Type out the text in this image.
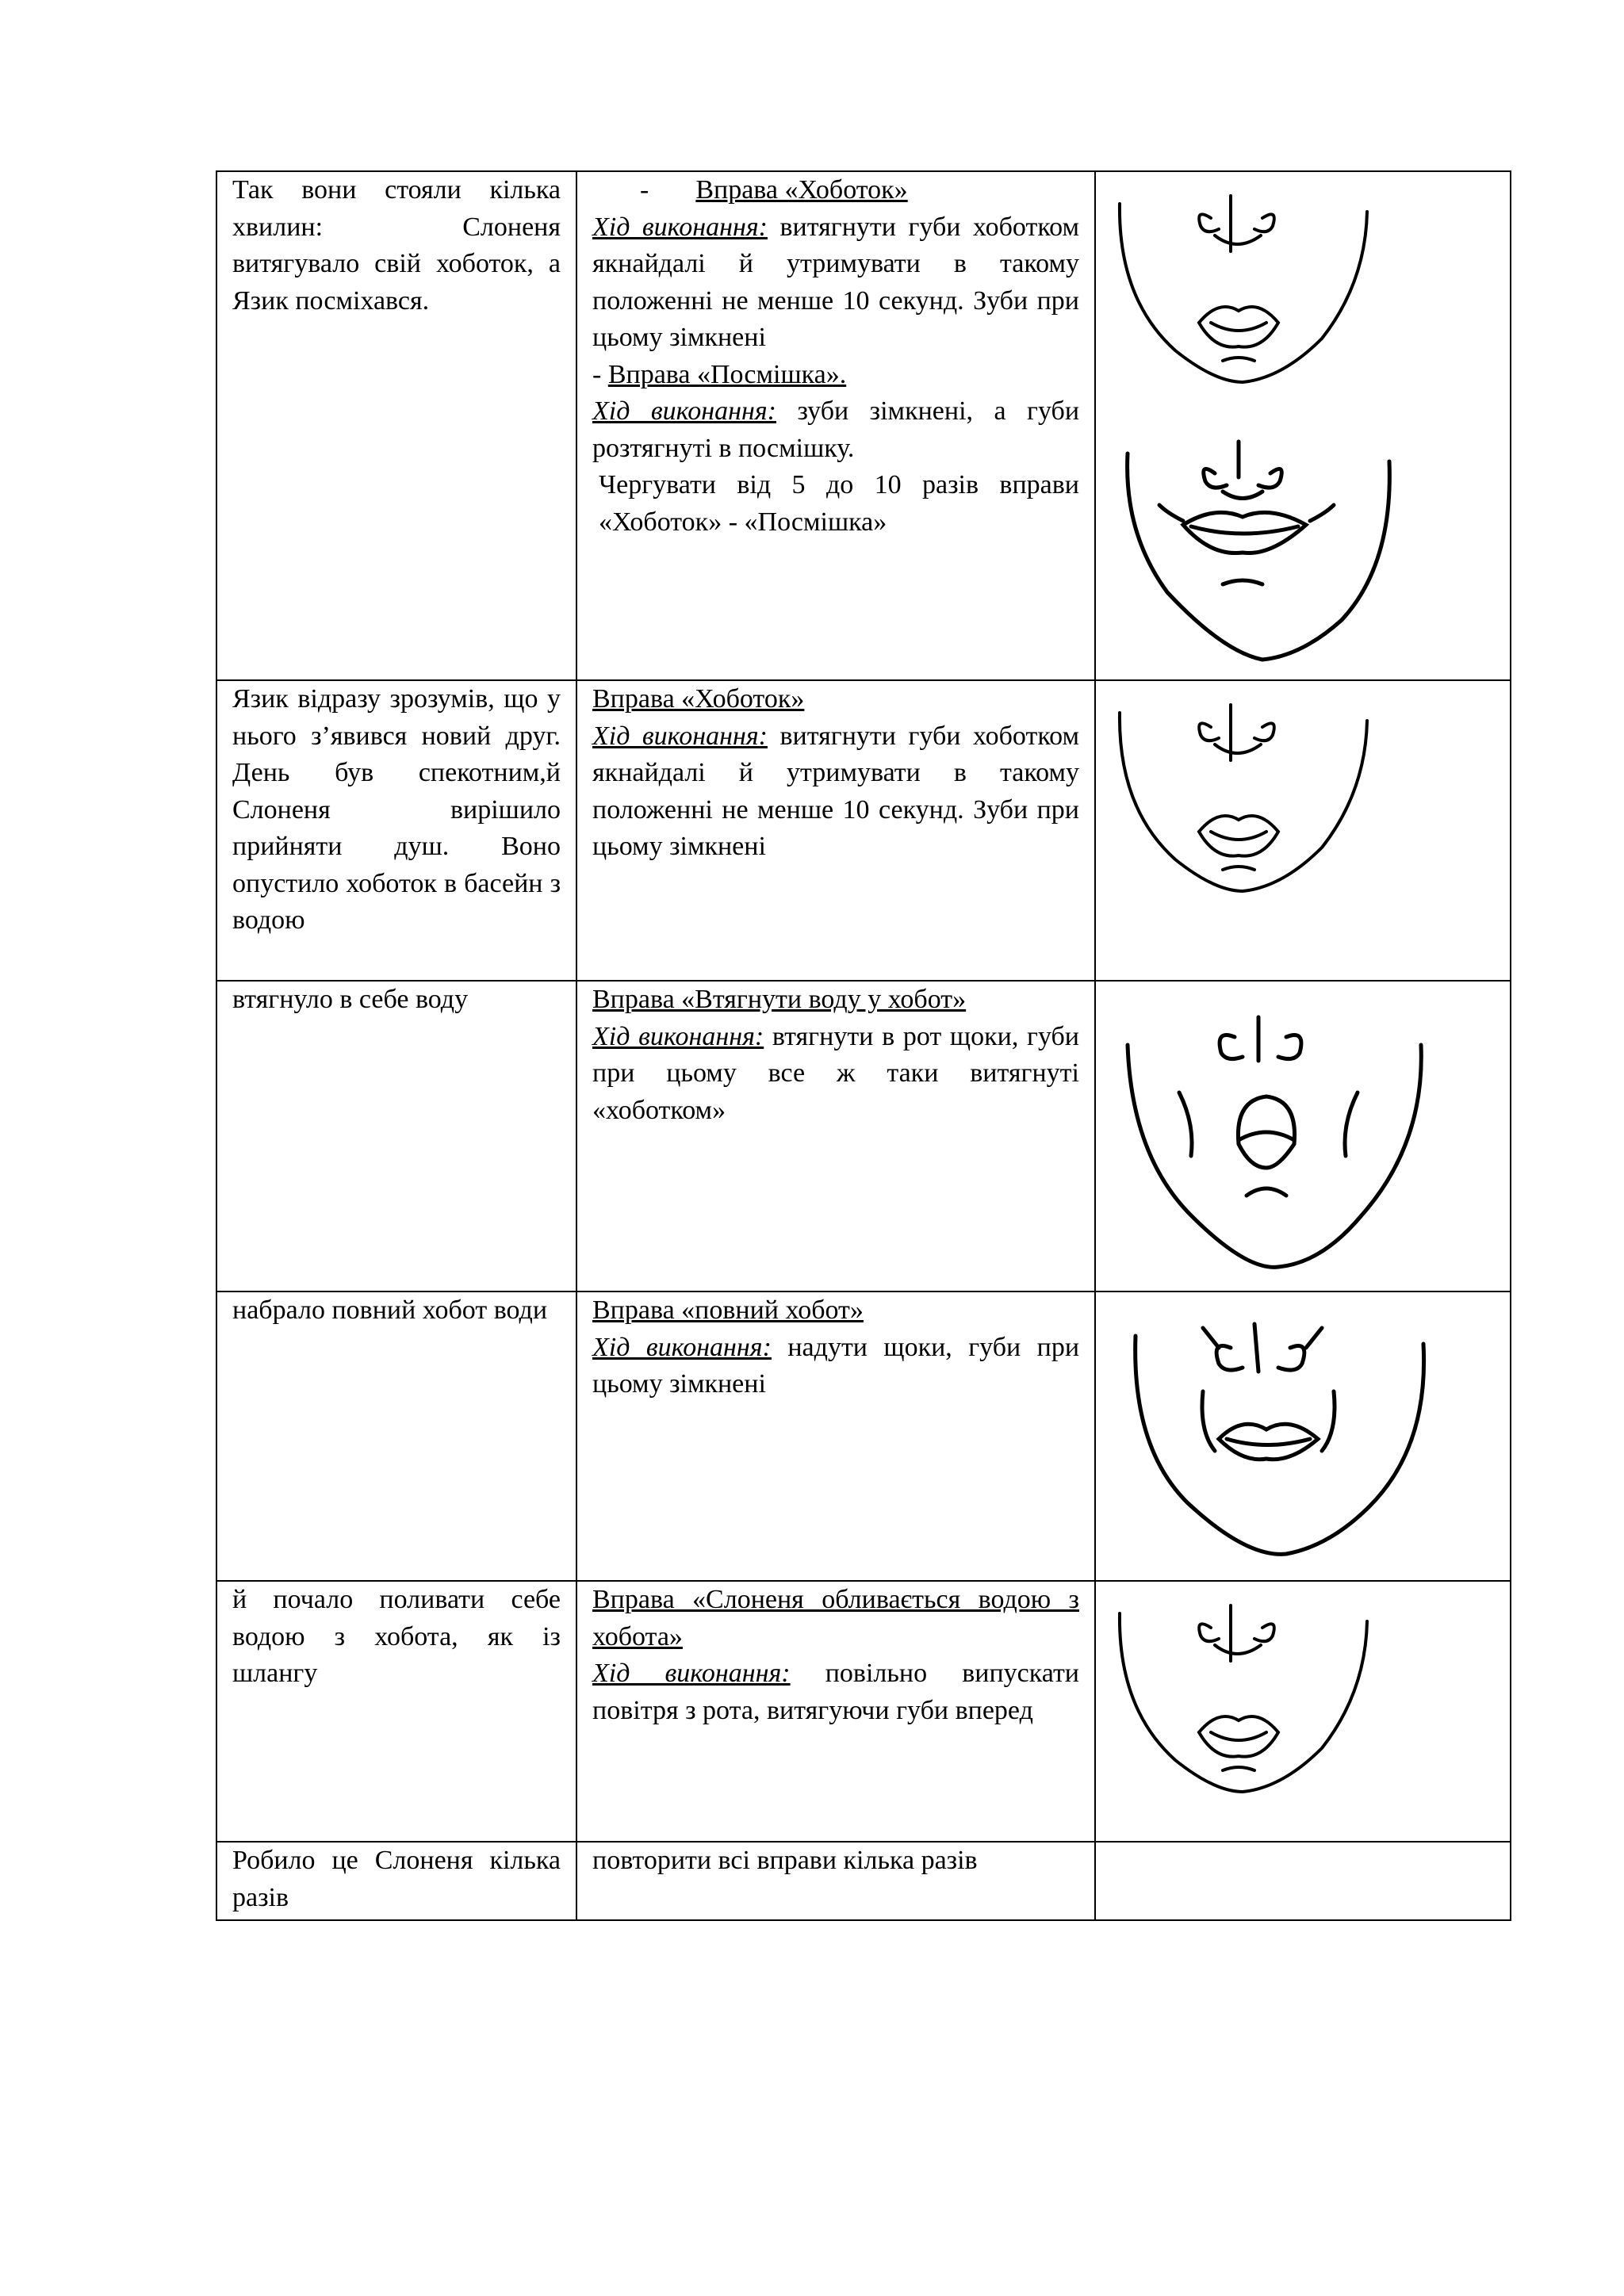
Так вони стояли кілька хвилин: Слоненя витягувало свій хоботок, а Язик посміхався.

- Вправа «Хоботок»

Хід виконання: витягнути губи хоботком якнайдалі й утримувати в такому положенні не менше 10 секунд. Зуби при цьому зімкнені

- Вправа «Посмішка».

Хід виконання: зуби зімкнені, а губи розтягнуті в посмішку.

Чергувати від 5 до 10 разів вправи «Хоботок» - «Посмішка»

Язик відразу зрозумів, що у нього з’явився новий друг. День був спекотним,й Слоненя вирішило прийняти душ. Воно опустило хоботок в басейн з водою

Вправа «Хоботок»

Хід виконання: витягнути губи хоботком якнайдалі й утримувати в такому положенні не менше 10 секунд. Зуби при цьому зімкнені

втягнуло в себе воду	Вправа «Втягнути воду у хобот»

Хід виконання: втягнути в рот щоки, губи при цьому все ж таки витягнуті «хоботком»

набрало повний хобот води	Вправа «повний хобот»

Хід виконання: надути щоки, губи при цьому зімкнені

й почало поливати себе водою з хобота, як із шлангу

Вправа «Слоненя обливається водою з хобота»

Хід виконання: повільно випускати повітря з рота, витягуючи губи вперед

Робило це Слоненя кілька разів

повторити всі вправи кілька разів
